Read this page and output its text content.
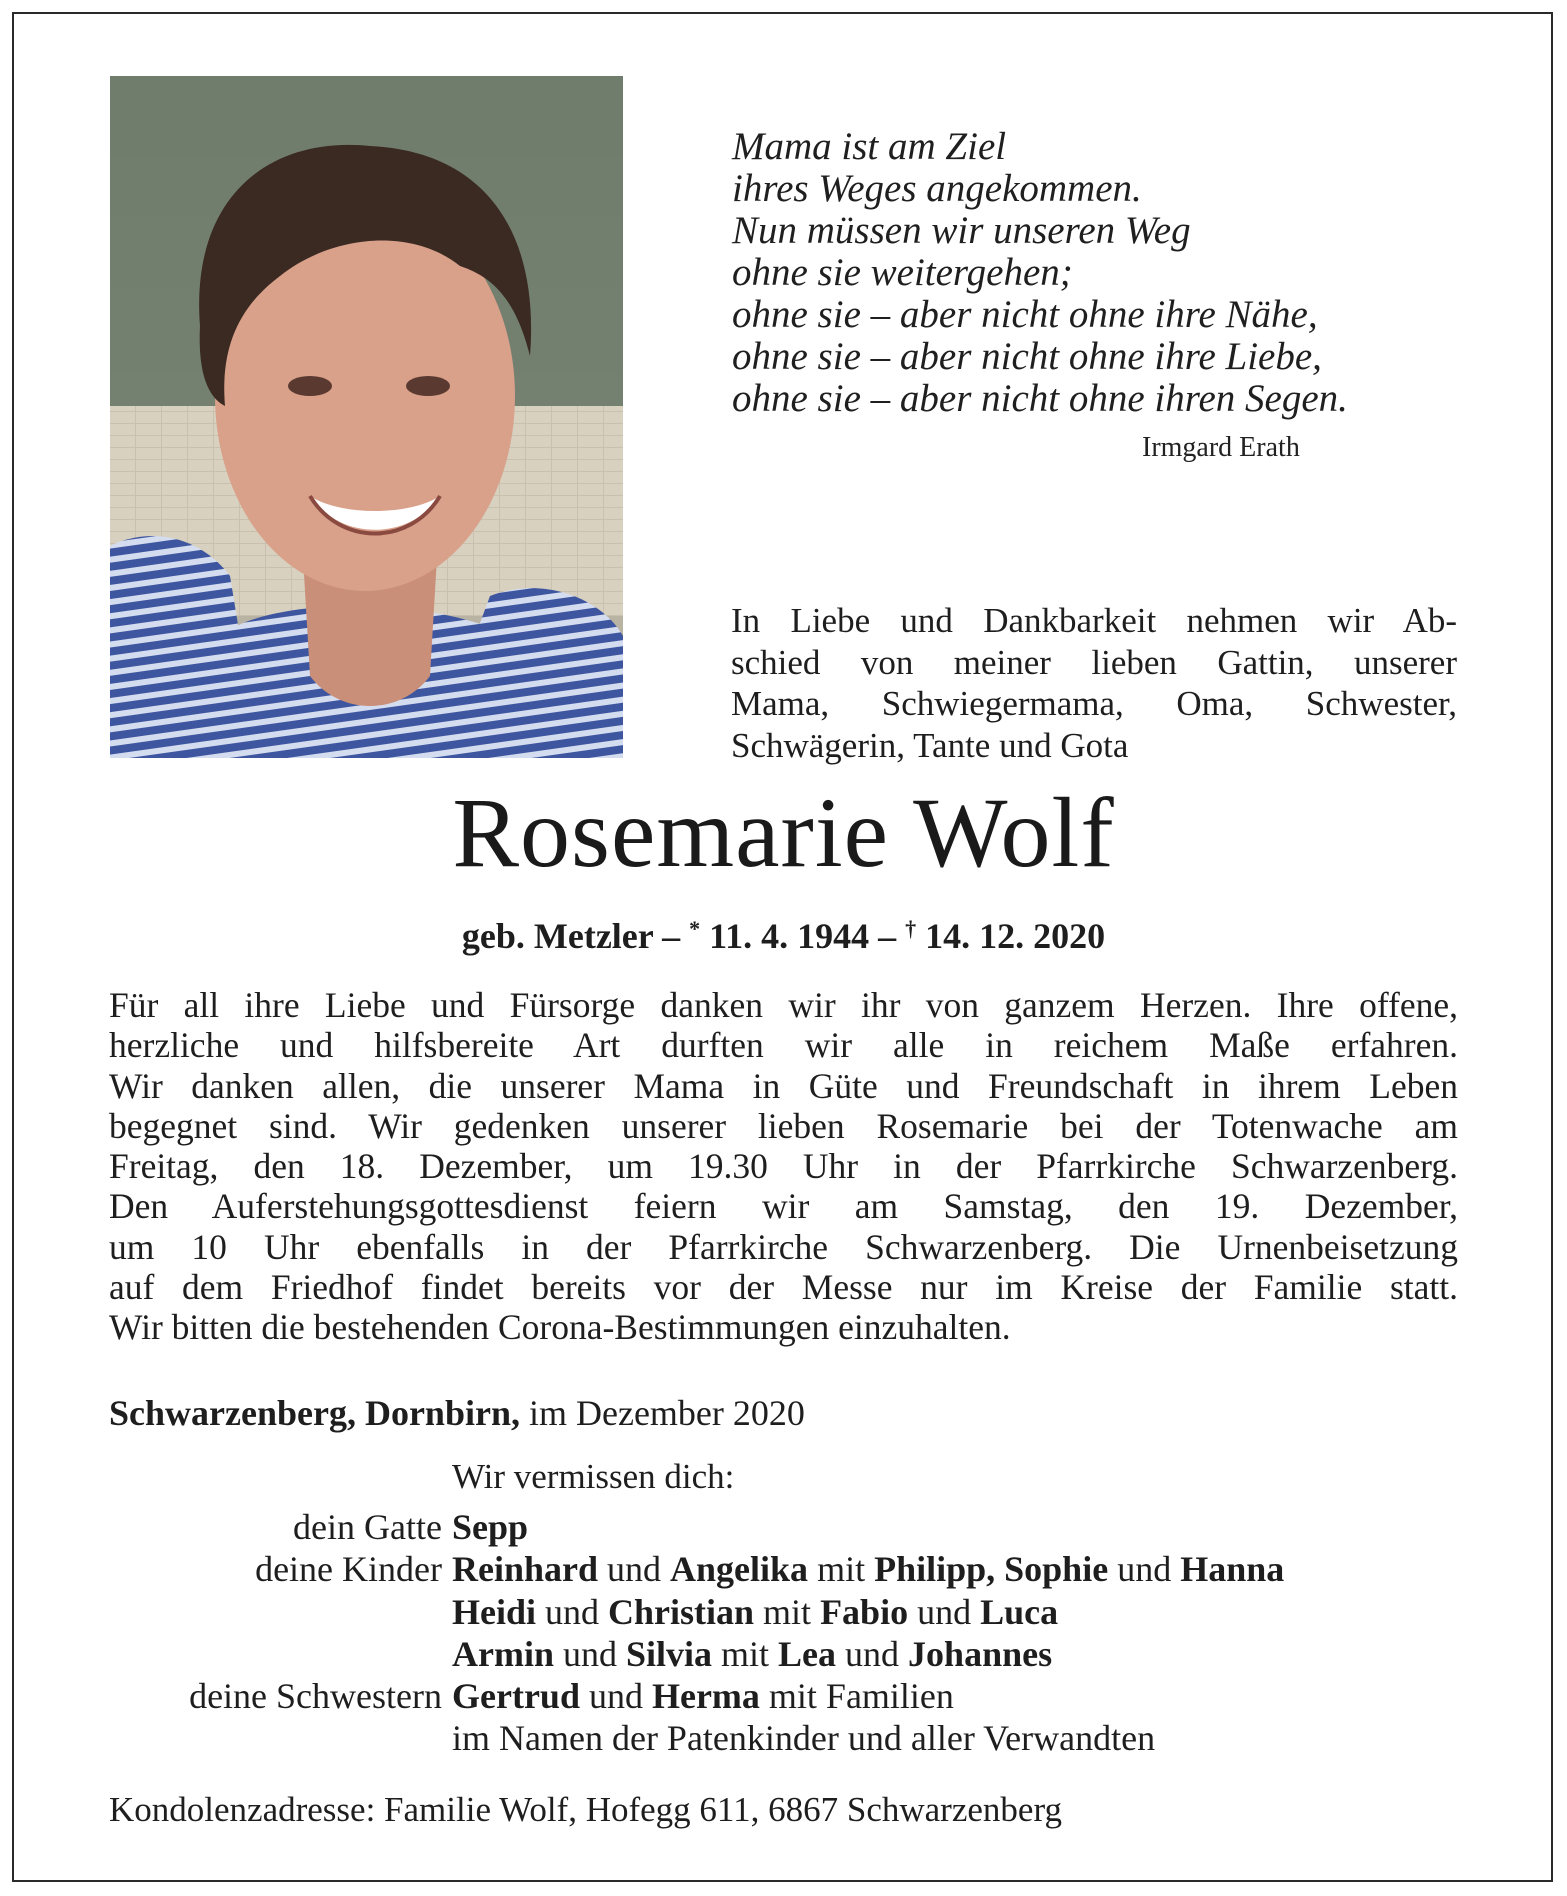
Mama ist am Ziel
ihres Weges angekommen.
Nun müssen wir unseren Weg
ohne sie weitergehen;
ohne sie – aber nicht ohne ihre Nähe,
ohne sie – aber nicht ohne ihre Liebe,
ohne sie – aber nicht ohne ihren Segen.
Irmgard Erath
In Liebe und Dankbarkeit nehmen wir Ab-
schied von meiner lieben Gattin, unserer
Mama, Schwiegermama, Oma, Schwester,
Schwägerin, Tante und Gota
Rosemarie Wolf
geb. Metzler – * 11. 4. 1944 – † 14. 12. 2020
Für all ihre Liebe und Fürsorge danken wir ihr von ganzem Herzen. Ihre offene,
herzliche und hilfsbereite Art durften wir alle in reichem Maße erfahren.
Wir danken allen, die unserer Mama in Güte und Freundschaft in ihrem Leben
begegnet sind. Wir gedenken unserer lieben Rosemarie bei der Totenwache am
Freitag, den 18. Dezember, um 19.30 Uhr in der Pfarrkirche Schwarzenberg.
Den Auferstehungsgottesdienst feiern wir am Samstag, den 19. Dezember,
um 10 Uhr ebenfalls in der Pfarrkirche Schwarzenberg. Die Urnenbeisetzung
auf dem Friedhof findet bereits vor der Messe nur im Kreise der Familie statt.
Wir bitten die bestehenden Corona-Bestimmungen einzuhalten.
Schwarzenberg, Dornbirn, im Dezember 2020
Wir vermissen dich:
dein Gatte Sepp
deine Kinder Reinhard und Angelika mit Philipp, Sophie und Hanna
Heidi und Christian mit Fabio und Luca
Armin und Silvia mit Lea und Johannes
deine Schwestern Gertrud und Herma mit Familien
im Namen der Patenkinder und aller Verwandten
Kondolenzadresse: Familie Wolf, Hofegg 611, 6867 Schwarzenberg
